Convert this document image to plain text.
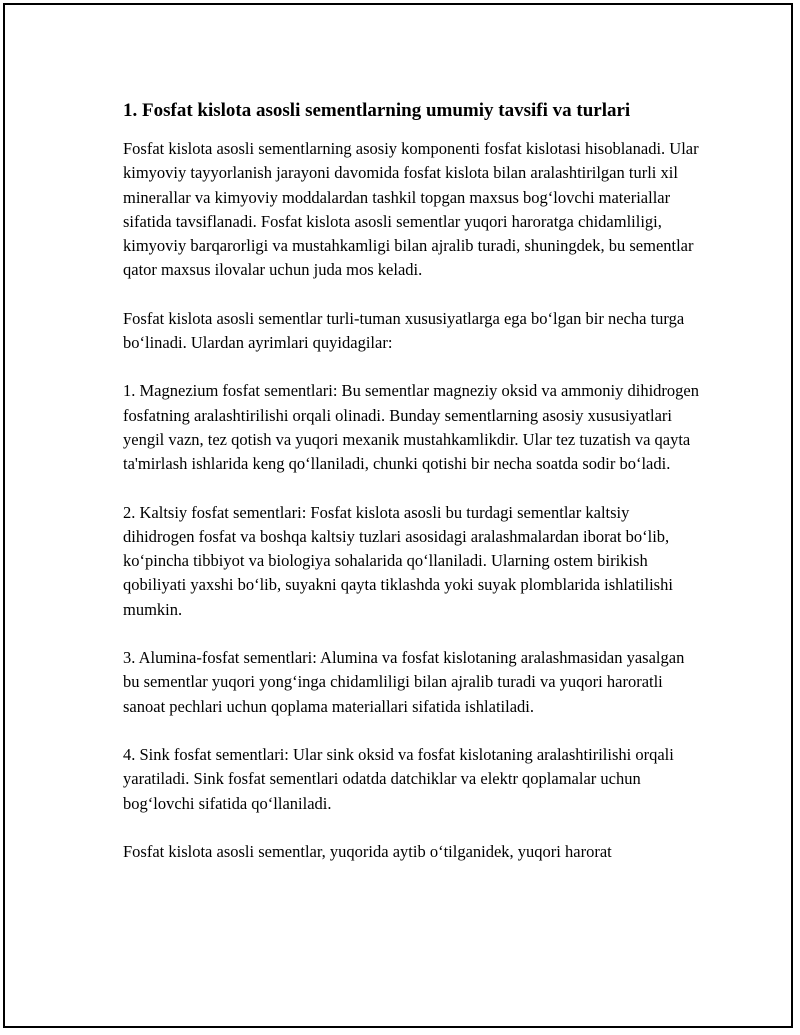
1. Fosfat kislota asosli sementlarning umumiy tavsifi va turlari

Fosfat kislota asosli sementlarning asosiy komponenti fosfat kislotasi hisoblanadi. Ular kimyoviy tayyorlanish jarayoni davomida fosfat kislota bilan aralashtirilgan turli xil minerallar va kimyoviy moddalardan tashkil topgan maxsus bogʻlovchi materiallar sifatida tavsiflanadi. Fosfat kislota asosli sementlar yuqori haroratga chidamliligi, kimyoviy barqarorligi va mustahkamligi bilan ajralib turadi, shuningdek, bu sementlar qator maxsus ilovalar uchun juda mos keladi.

Fosfat kislota asosli sementlar turli-tuman xususiyatlarga ega boʻlgan bir necha turga boʻlinadi. Ulardan ayrimlari quyidagilar:

1. Magnezium fosfat sementlari: Bu sementlar magneziy oksid va ammoniy dihidrogen fosfatning aralashtirilishi orqali olinadi. Bunday sementlarning asosiy xususiyatlari yengil vazn, tez qotish va yuqori mexanik mustahkamlikdir. Ular tez tuzatish va qayta ta'mirlash ishlarida keng qoʻllaniladi, chunki qotishi bir necha soatda sodir boʻladi.

2. Kaltsiy fosfat sementlari: Fosfat kislota asosli bu turdagi sementlar kaltsiy dihidrogen fosfat va boshqa kaltsiy tuzlari asosidagi aralashmalardan iborat boʻlib, koʻpincha tibbiyot va biologiya sohalarida qoʻllaniladi. Ularning ostem birikish qobiliyati yaxshi boʻlib, suyakni qayta tiklashda yoki suyak plomblarida ishlatilishi mumkin.

3. Alumina-fosfat sementlari: Alumina va fosfat kislotaning aralashmasidan yasalgan bu sementlar yuqori yongʻinga chidamliligi bilan ajralib turadi va yuqori haroratli sanoat pechlari uchun qoplama materiallari sifatida ishlatiladi.

4. Sink fosfat sementlari: Ular sink oksid va fosfat kislotaning aralashtirilishi orqali yaratiladi. Sink fosfat sementlari odatda datchiklar va elektr qoplamalar uchun bogʻlovchi sifatida qoʻllaniladi.

Fosfat kislota asosli sementlar, yuqorida aytib oʻtilganidek, yuqori harorat
